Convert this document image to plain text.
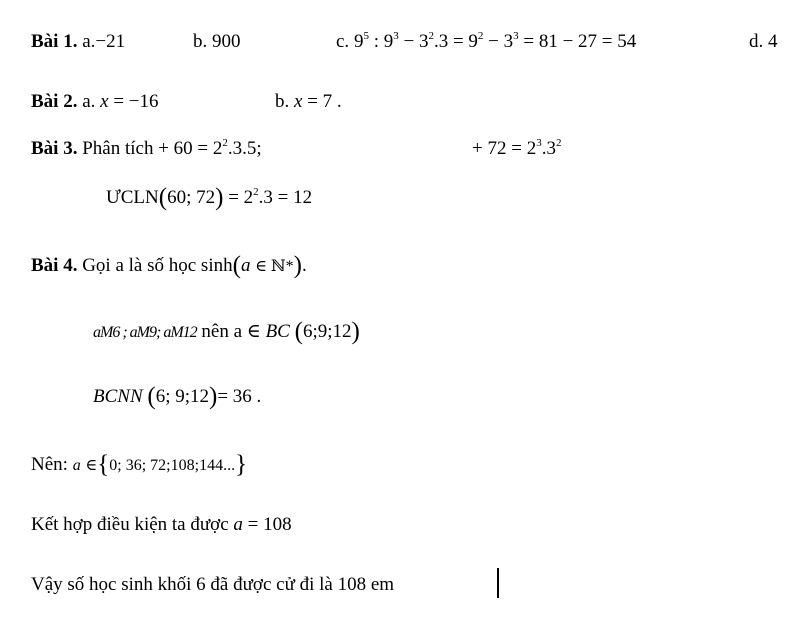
Bài 1. a.−21	b. 900	c. $9^5$ : $9^3 - 3^2.3 = 9^2 - 3^3 = 81 - 27 = 54$	d. 4
Bài 2. a. x = −16	b. x = 7 .
Bài 3. Phân tích + $60 = 2^2.3.5$;	+ $72 = 2^3.3^2$
ƯCLN(60; $72) = 2^2.3 = 12$
Bài 4. Gọi a là số học sinh(a ∈ ℕ*).
aM6 ; aM9; aM12 nên a ∈ BC (6;9;12)
BCNN (6; 9;12)= 36 .
Nên: a ∈{0; 36; 72;108;144...}
Kết hợp điều kiện ta được a = 108
Vậy số học sinh khối 6 đã được cử đi là 108 em
